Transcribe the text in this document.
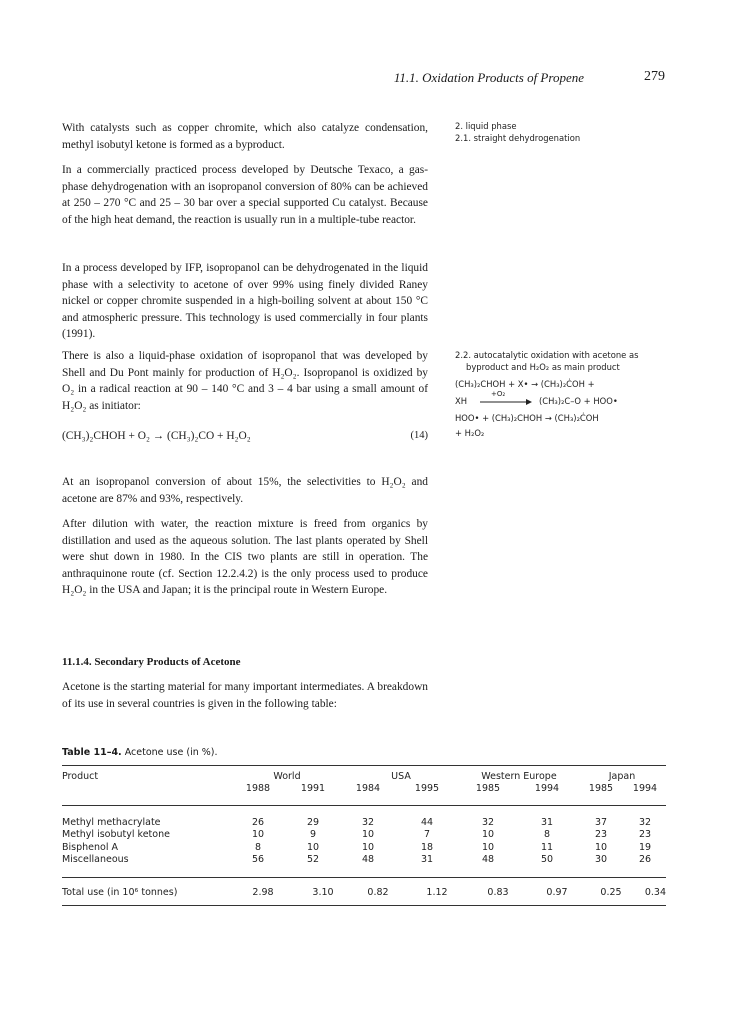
11.1. Oxidation Products of Propene	279

With catalysts such as copper chromite, which also catalyze condensation, methyl isobutyl ketone is formed as a byproduct.

In a commercially practiced process developed by Deutsche Texaco, a gas-phase dehydrogenation with an isopropanol conversion of 80% can be achieved at 250 – 270 °C and 25 – 30 bar over a special supported Cu catalyst. Because of the high heat demand, the reaction is usually run in a multiple-tube reactor.

In a process developed by IFP, isopropanol can be dehydrogenated in the liquid phase with a selectivity to acetone of over 99% using finely divided Raney nickel or copper chromite suspended in a high-boiling solvent at about 150 °C and atmospheric pressure. This technology is used commercially in four plants (1991).

There is also a liquid-phase oxidation of isopropanol that was developed by Shell and Du Pont mainly for production of H₂O₂. Isopropanol is oxidized by O₂ in a radical reaction at 90 – 140 °C and 3 – 4 bar using a small amount of H₂O₂ as initiator:

(CH₃)₂CHOH + O₂ → (CH₃)₂CO + H₂O₂	(14)

At an isopropanol conversion of about 15%, the selectivities to H₂O₂ and acetone are 87% and 93%, respectively.

After dilution with water, the reaction mixture is freed from organics by distillation and used as the aqueous solution. The last plants operated by Shell were shut down in 1980. In the CIS two plants are still in operation. The anthraquinone route (cf. Section 12.2.4.2) is the only process used to produce H₂O₂ in the USA and Japan; it is the principal route in Western Europe.

11.1.4. Secondary Products of Acetone

Acetone is the starting material for many important intermediates. A breakdown of its use in several countries is given in the following table:

2. liquid phase
2.1. straight dehydrogenation
2.2. autocatalytic oxidation with acetone as
byproduct and H₂O₂ as main product
(CH₃)₂CHOH + X• → (CH₃)₂ĊOH +
XH
+O₂
(CH₃)₂C–O + HOO•
HOO• + (CH₃)₂CHOH → (CH₃)₂ĊOH
+ H₂O₂
Table 11–4. Acetone use (in %).
Product	World		USA		Western Europe		Japan	
	1988	1991	1984	1995	1985	1994	1985	1994
Methyl methacrylate	26	29	32	44	32	31	37	32
Methyl isobutyl ketone	10	9	10	7	10	8	23	23
Bisphenol A	8	10	10	18	10	11	10	19
Miscellaneous	56	52	48	31	48	50	30	26
Total use (in 10⁶ tonnes)	2.98	3.10	0.82	1.12	0.83	0.97	0.25	0.34
